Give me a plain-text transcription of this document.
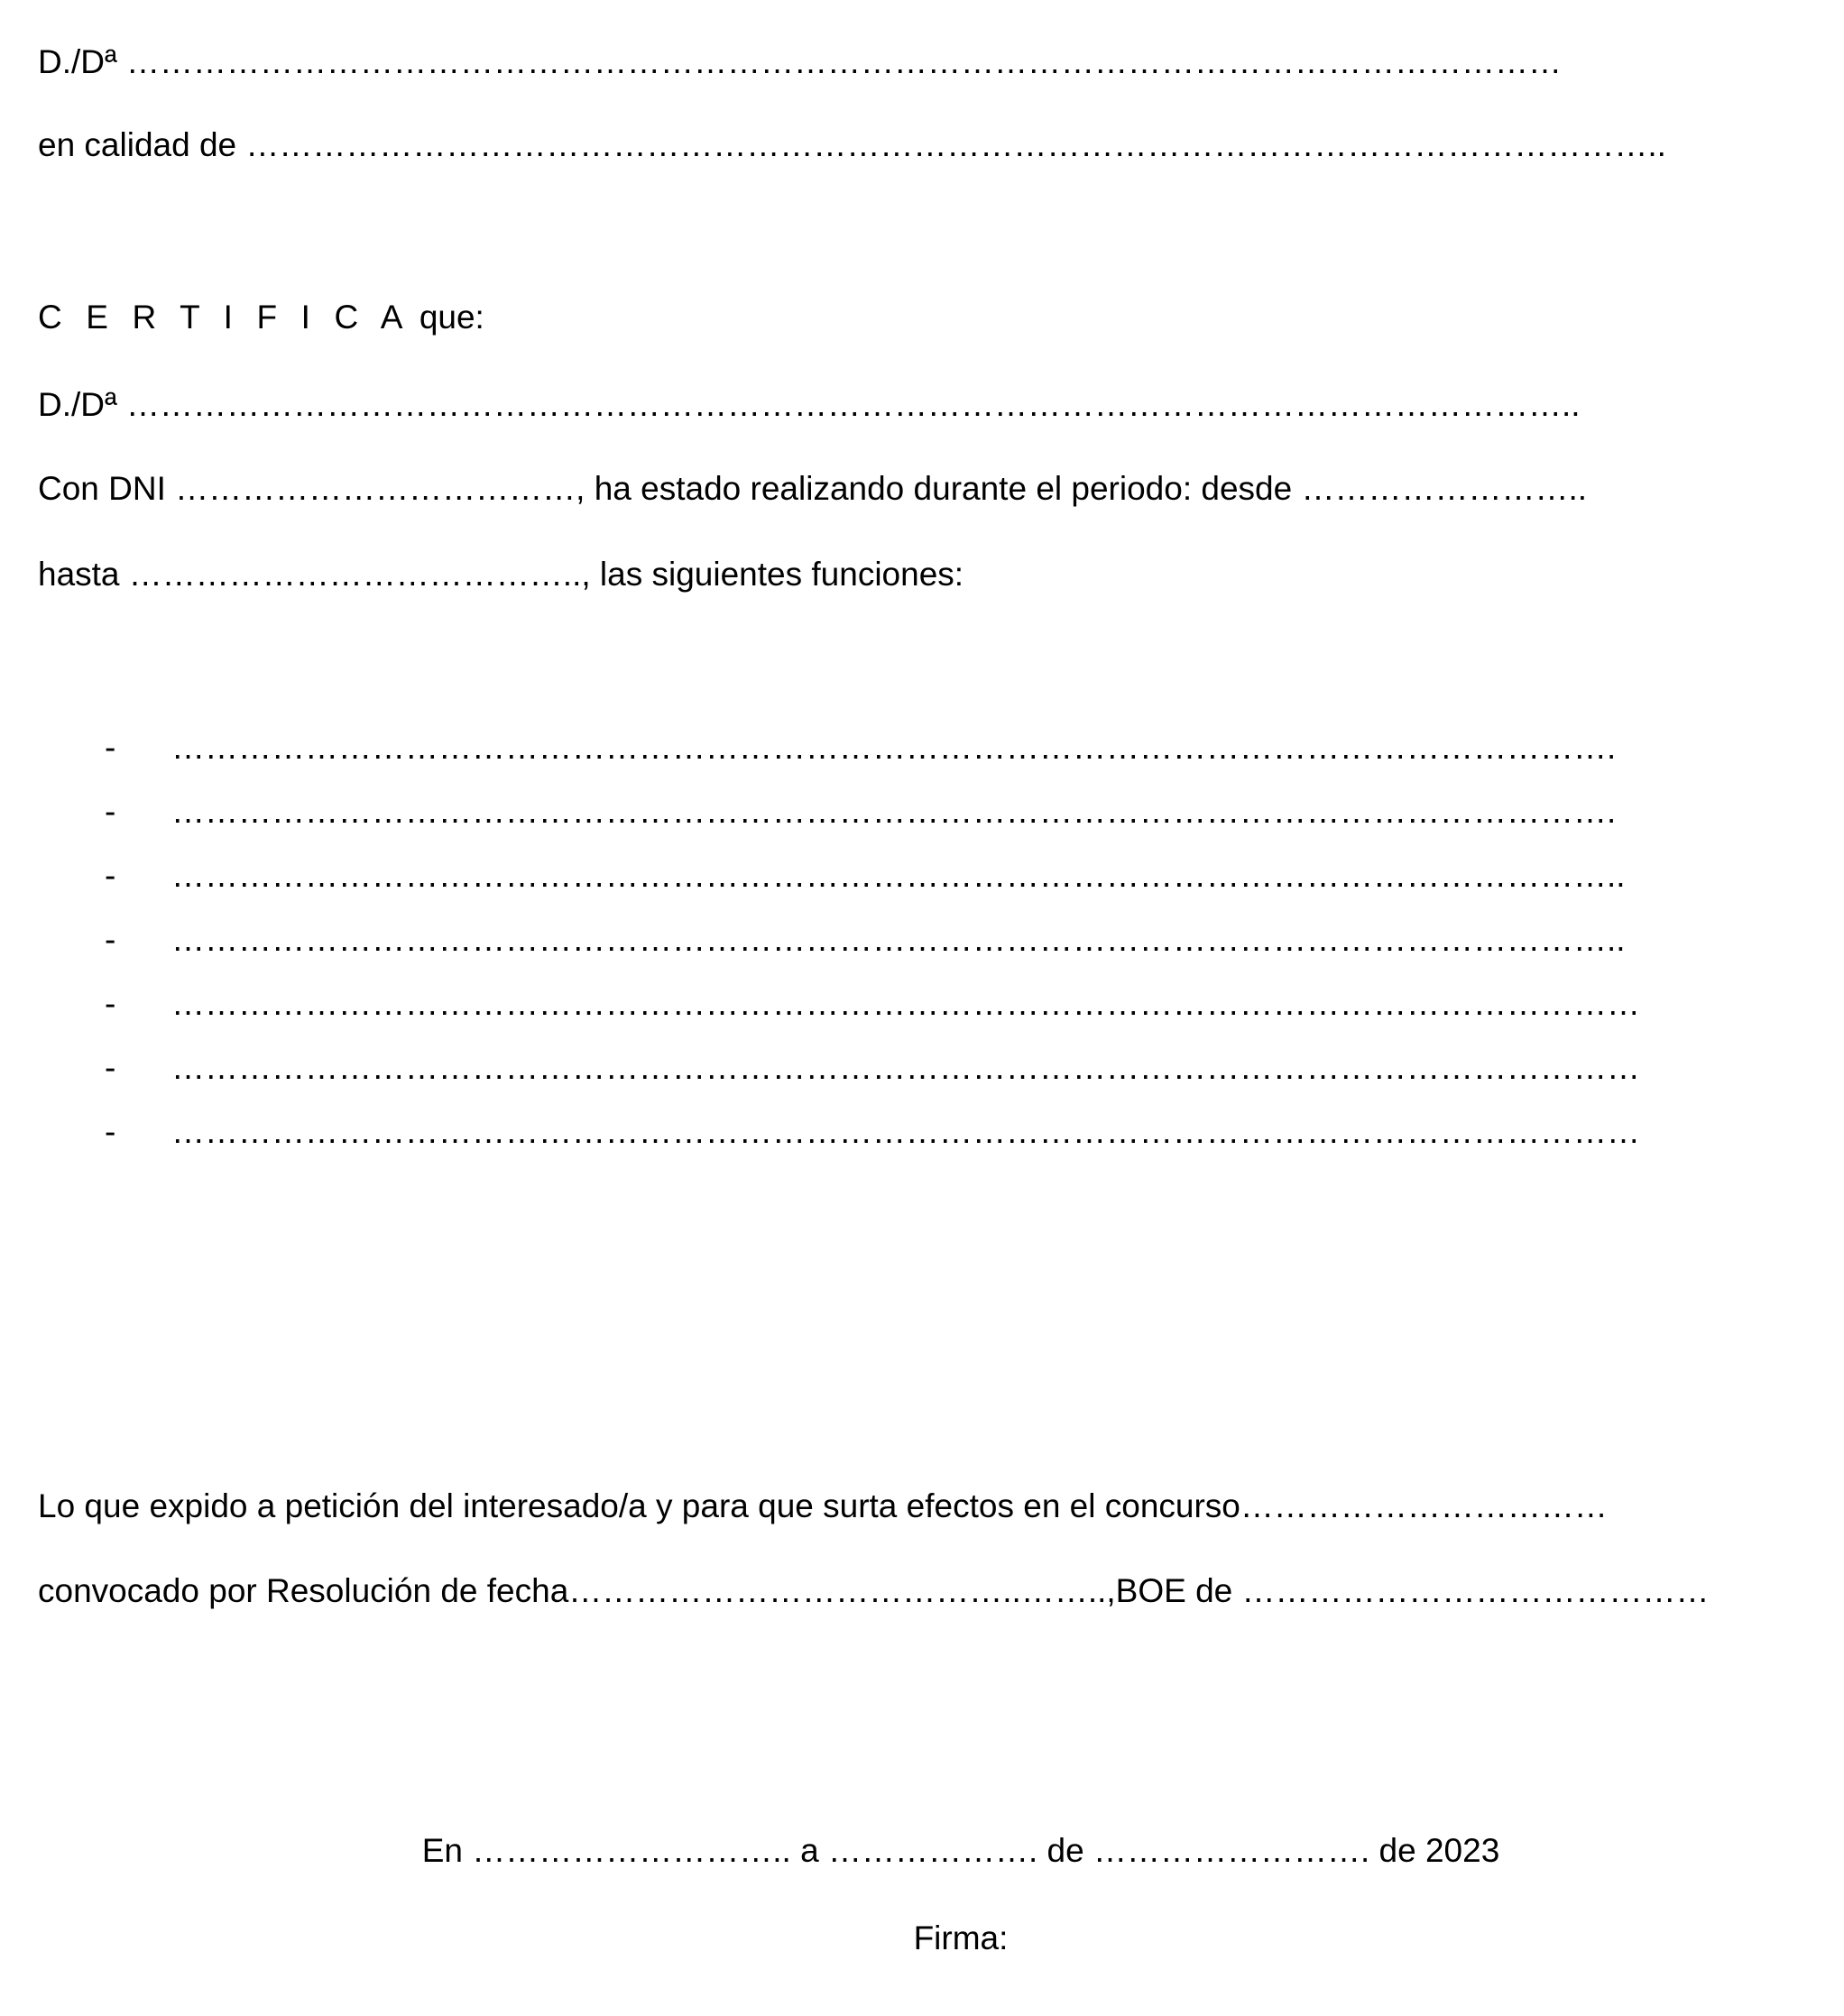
D./Dª …………………………………………………………………………………………………………………
en calidad de ………………………………………………………………………………………………………………..
C E R T I F I C A que:
D./Dª …………………………………………………………………………………………………………………..
Con DNI ………………………………, ha estado realizando durante el periodo: desde ……………………..
hasta ………………………………….., las siguientes funciones:
- ………………………………………………………………………………………………………………….
- ………………………………………………………………………………………………………………….
- …………………………………………………………………………………………………………………..
- …………………………………………………………………………………………………………………..
- ……………………………………………………………………………………………………………………
- ……………………………………………………………………………………………………………………
- ……………………………………………………………………………………………………………………
Lo que expido a petición del interesado/a y para que surta efectos en el concurso……………………………
convocado por Resolución de fecha…………………………………..……..,BOE de ……………………………………
En ……………………….. a ………………. de ……………………. de 2023
Firma:
